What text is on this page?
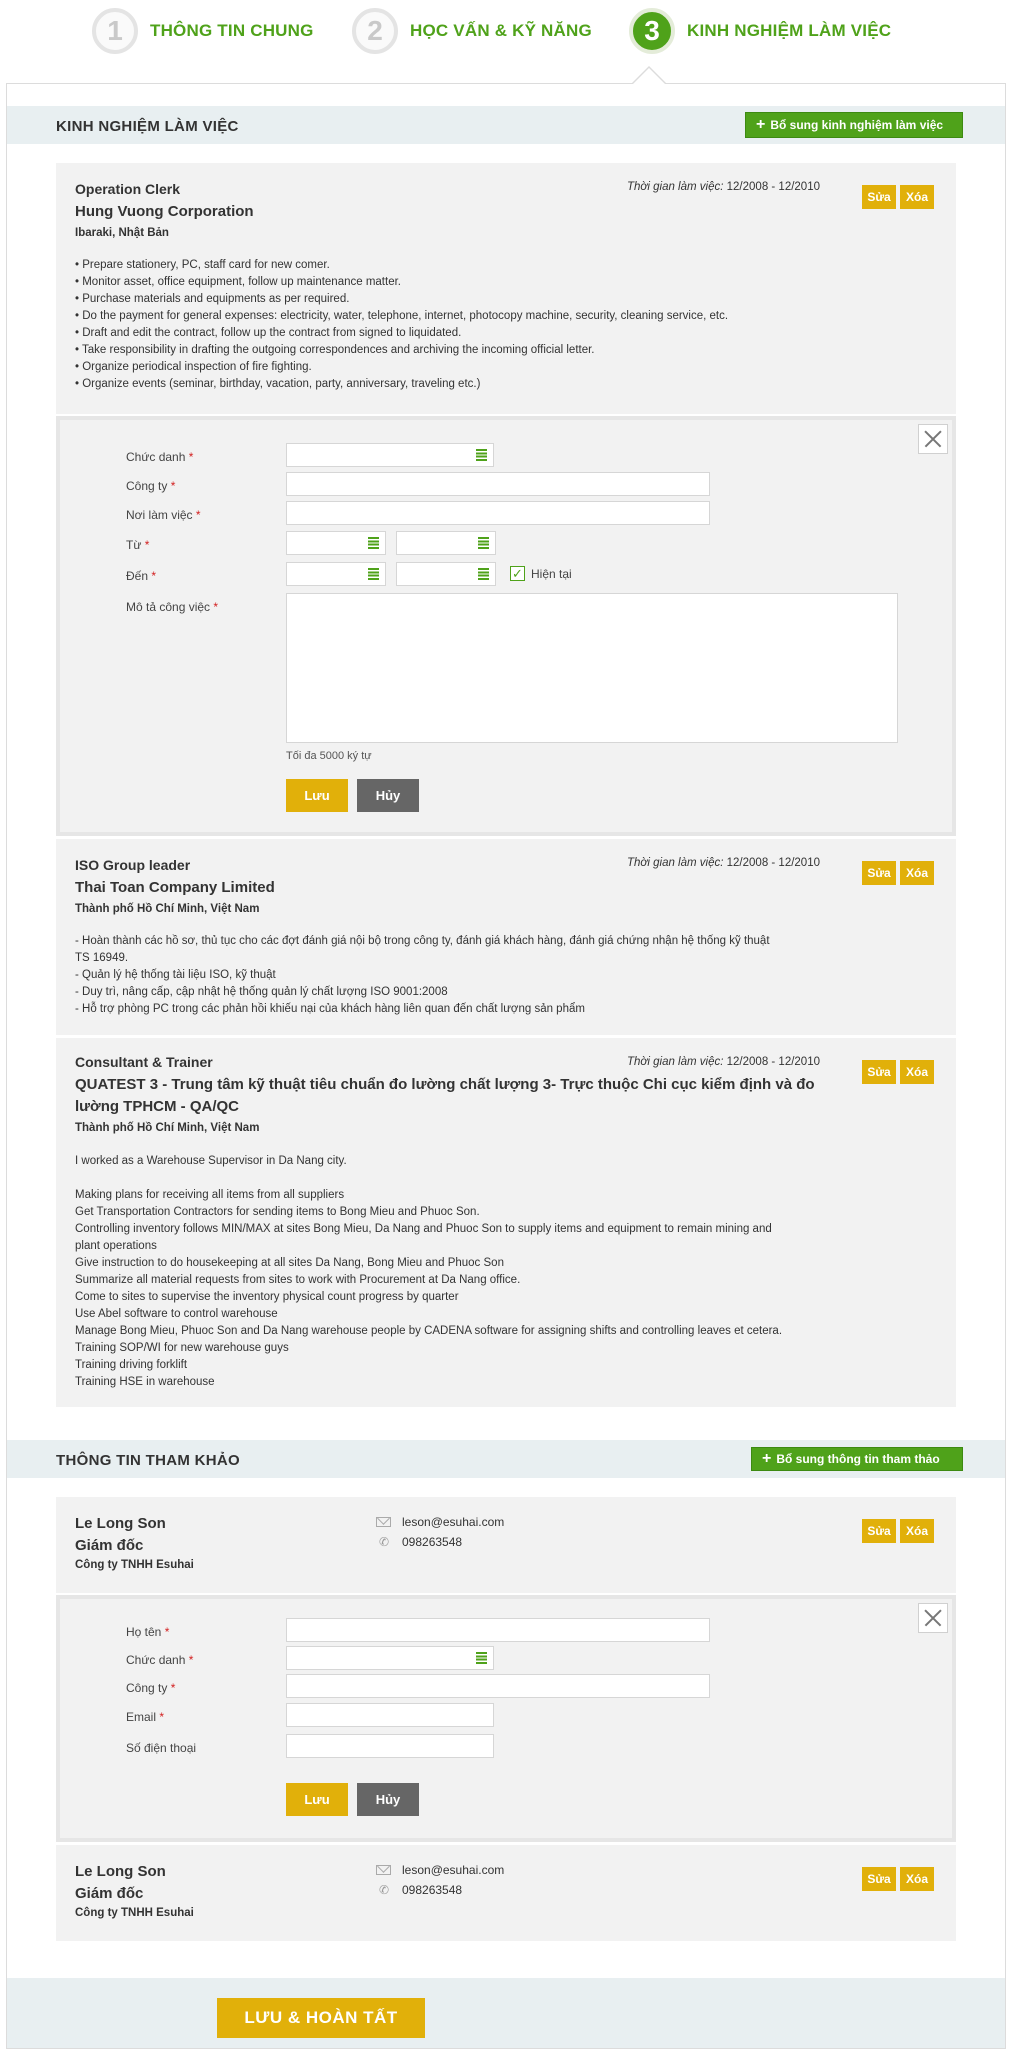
1	THÔNG TIN CHUNG	2	HỌC VẤN & KỸ NĂNG	3	KINH NGHIỆM LÀM VIỆC
KINH NGHIỆM LÀM VIỆC	+ Bổ sung kinh nghiệm làm việc
Operation Clerk
Hung Vuong Corporation
Ibaraki, Nhật Bản
Thời gian làm việc: 12/2008 - 12/2010
Sửa	Xóa
• Prepare stationery, PC, staff card for new comer.
• Monitor asset, office equipment, follow up maintenance matter.
• Purchase materials and equipments as per required.
• Do the payment for general expenses: electricity, water, telephone, internet, photocopy machine, security, cleaning service, etc.
• Draft and edit the contract, follow up the contract from signed to liquidated.
• Take responsibility in drafting the outgoing correspondences and archiving the incoming official letter.
• Organize periodical inspection of fire fighting.
• Organize events (seminar, birthday, vacation, party, anniversary, traveling etc.)
Chức danh *
Công ty *
Nơi làm việc *
Từ *
Đến *	✓ Hiện tại
Mô tả công việc *
Tối đa 5000 ký tự
Lưu	Hủy
ISO Group leader
Thai Toan Company Limited
Thành phố Hồ Chí Minh, Việt Nam
Thời gian làm việc: 12/2008 - 12/2010
Sửa	Xóa
- Hoàn thành các hồ sơ, thủ tục cho các đợt đánh giá nội bộ trong công ty, đánh giá khách hàng, đánh giá chứng nhận hệ thống kỹ thuật
TS 16949.
- Quản lý hệ thống tài liệu ISO, kỹ thuật
- Duy trì, nâng cấp, cập nhật hệ thống quản lý chất lượng ISO 9001:2008
- Hỗ trợ phòng PC trong các phản hồi khiếu nại của khách hàng liên quan đến chất lượng sản phẩm
Consultant & Trainer
QUATEST 3 - Trung tâm kỹ thuật tiêu chuẩn đo lường chất lượng 3- Trực thuộc Chi cục kiểm định và đo lường TPHCM - QA/QC
Thành phố Hồ Chí Minh, Việt Nam
Thời gian làm việc: 12/2008 - 12/2010
Sửa	Xóa
I worked as a Warehouse Supervisor in Da Nang city.
Making plans for receiving all items from all suppliers
Get Transportation Contractors for sending items to Bong Mieu and Phuoc Son.
Controlling inventory follows MIN/MAX at sites Bong Mieu, Da Nang and Phuoc Son to supply items and equipment to remain mining and
plant operations
Give instruction to do housekeeping at all sites Da Nang, Bong Mieu and Phuoc Son
Summarize all material requests from sites to work with Procurement at Da Nang office.
Come to sites to supervise the inventory physical count progress by quarter
Use Abel software to control warehouse
Manage Bong Mieu, Phuoc Son and Da Nang warehouse people by CADENA software for assigning shifts and controlling leaves et cetera.
Training SOP/WI for new warehouse guys
Training driving forklift
Training HSE in warehouse
THÔNG TIN THAM KHẢO	+ Bổ sung thông tin tham thảo
Le Long Son
Giám đốc
Công ty TNHH Esuhai
leson@esuhai.com
✆ 098263548
Sửa	Xóa
Họ tên *
Chức danh *
Công ty *
Email *
Số điện thoại
Lưu	Hủy
Le Long Son
Giám đốc
Công ty TNHH Esuhai
leson@esuhai.com
✆ 098263548
Sửa	Xóa
LƯU & HOÀN TẤT
